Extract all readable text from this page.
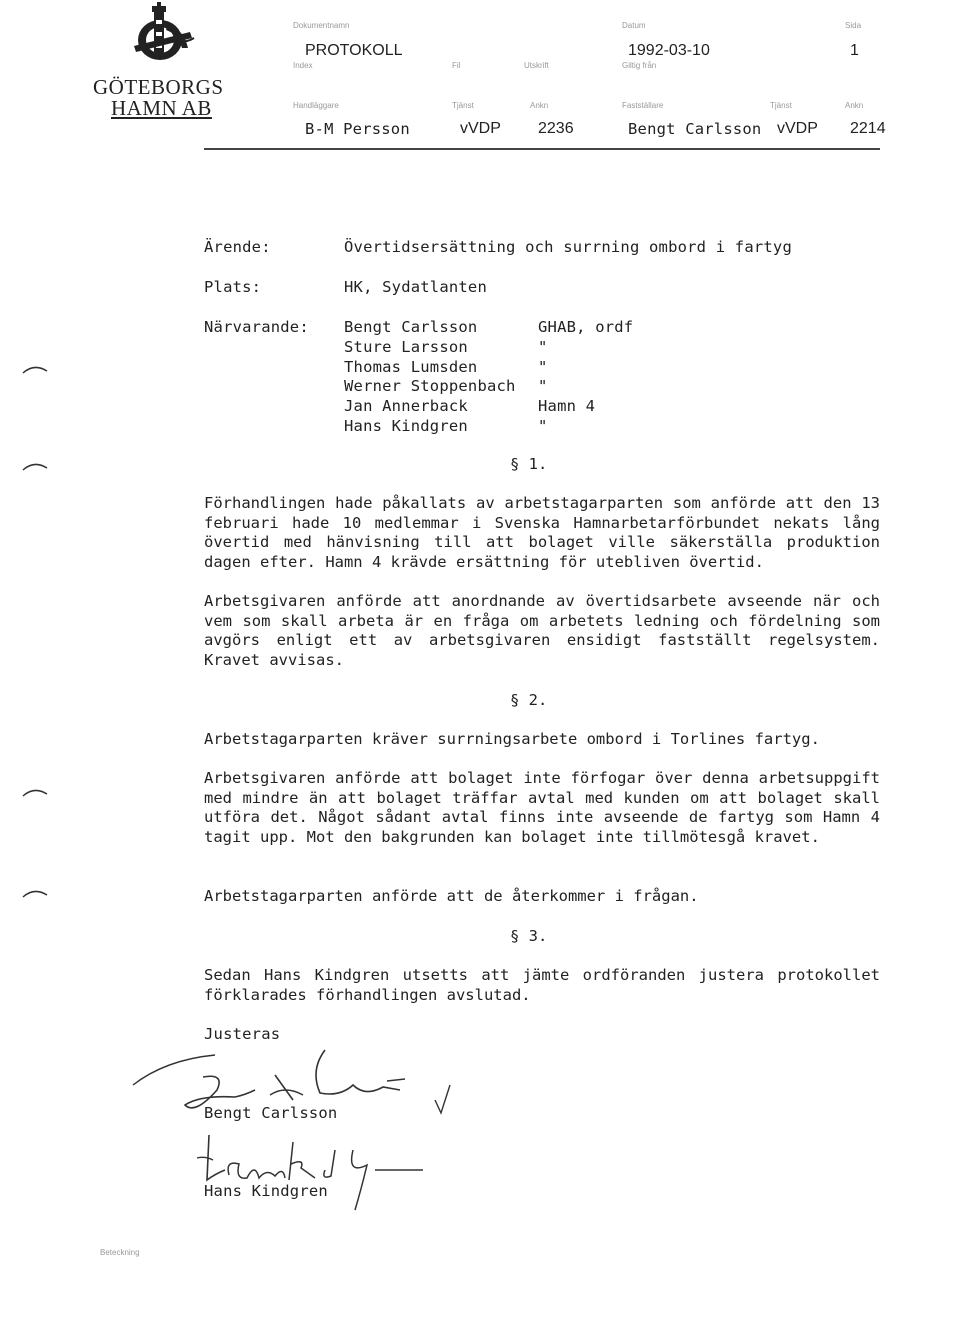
GÖTEBORGS
HAMN AB
Dokumentnamn	Datum	Sida
PROTOKOLL	1992-03-10	1
Index	Fil	Utskrift	Giltig från
Handläggare	Tjänst	Ankn	Fastställare	Tjänst	Ankn
B-M Persson	vVDP 2236	Bengt Carlsson vVDP 2214
Ärende:	Övertidsersättning och surrning ombord i fartyg
Plats:	HK, Sydatlanten
Närvarande: Bengt Carlsson	GHAB, ordf
Sture Larsson	"
Thomas Lumsden	"
Werner Stoppenbach "
Jan Annerback	Hamn 4
Hans Kindgren	"
§ 1.
Förhandlingen hade påkallats av arbetstagarparten som anförde att den 13 februari hade 10 medlemmar i Svenska Hamnarbetarförbundet nekats lång övertid med hänvisning till att bolaget ville säkerställa produktion dagen efter. Hamn 4 krävde ersättning för utebliven övertid.
Arbetsgivaren anförde att anordnande av övertidsarbete avseende när och vem som skall arbeta är en fråga om arbetets ledning och fördelning som avgörs enligt ett av arbetsgivaren ensidigt fastställt regelsystem. Kravet avvisas.
§ 2.
Arbetstagarparten kräver surrningsarbete ombord i Torlines fartyg.
Arbetsgivaren anförde att bolaget inte förfogar över denna arbetsuppgift med mindre än att bolaget träffar avtal med kunden om att bolaget skall utföra det. Något sådant avtal finns inte avseende de fartyg som Hamn 4 tagit upp. Mot den bakgrunden kan bolaget inte tillmötesgå kravet.
Arbetstagarparten anförde att de återkommer i frågan.
§ 3.
Sedan Hans Kindgren utsetts att jämte ordföranden justera protokollet förklarades förhandlingen avslutad.
Justeras
Bengt Carlsson
Hans Kindgren
Beteckning
